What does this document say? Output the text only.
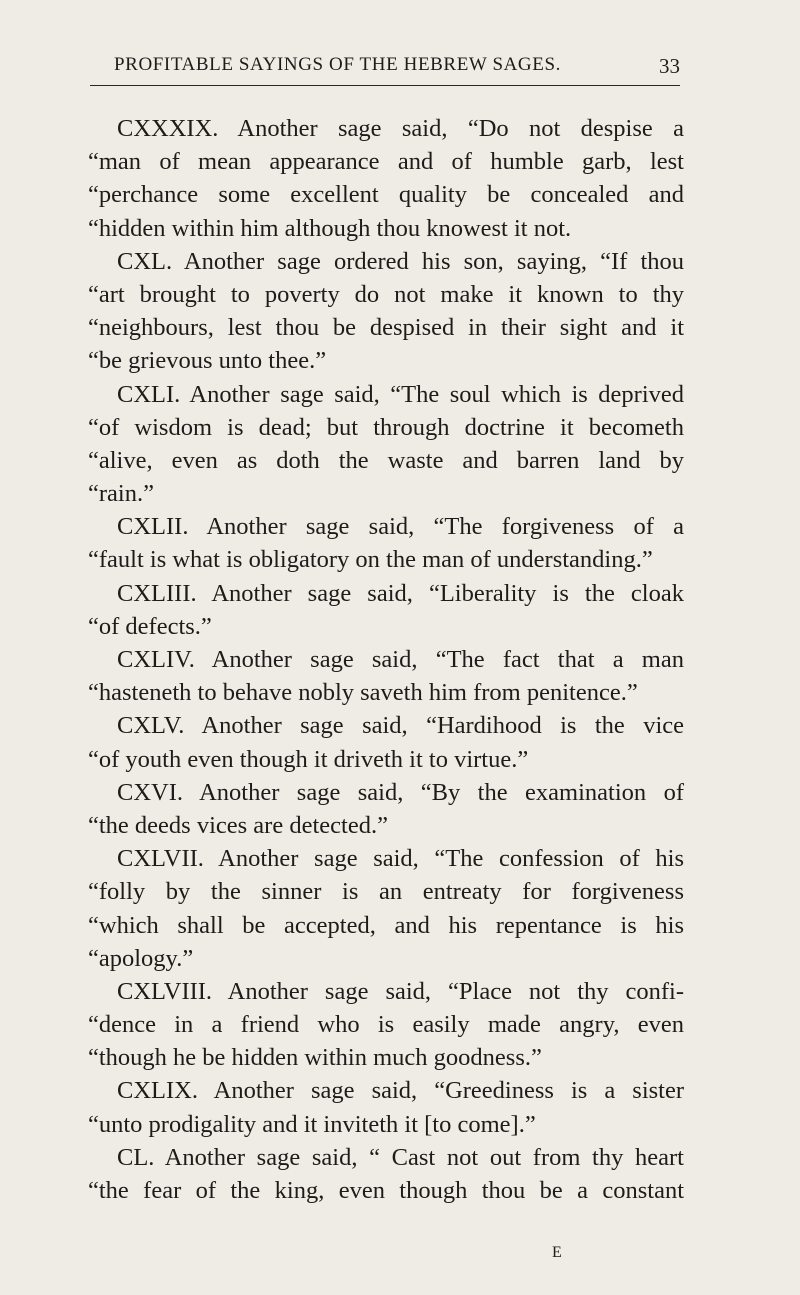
PROFITABLE SAYINGS OF THE HEBREW SAGES.	33
CXXXIX. Another sage said, “Do not despise a
“man of mean appearance and of humble garb, lest
“perchance some excellent quality be concealed and
“hidden within him although thou knowest it not.
CXL. Another sage ordered his son, saying, “If thou
“art brought to poverty do not make it known to thy
“neighbours, lest thou be despised in their sight and it
“be grievous unto thee.”
CXLI. Another sage said, “The soul which is deprived
“of wisdom is dead; but through doctrine it becometh
“alive, even as doth the waste and barren land by
“rain.”
CXLII. Another sage said, “The forgiveness of a
“fault is what is obligatory on the man of understanding.”
CXLIII. Another sage said, “Liberality is the cloak
“of defects.”
CXLIV. Another sage said, “The fact that a man
“hasteneth to behave nobly saveth him from penitence.”
CXLV. Another sage said, “Hardihood is the vice
“of youth even though it driveth it to virtue.”
CXVI. Another sage said, “By the examination of
“the deeds vices are detected.”
CXLVII. Another sage said, “The confession of his
“folly by the sinner is an entreaty for forgiveness
“which shall be accepted, and his repentance is his
“apology.”
CXLVIII. Another sage said, “Place not thy confi-
“dence in a friend who is easily made angry, even
“though he be hidden within much goodness.”
CXLIX. Another sage said, “Greediness is a sister
“unto prodigality and it inviteth it [to come].”
CL. Another sage said, “ Cast not out from thy heart
“the fear of the king, even though thou be a constant
E
